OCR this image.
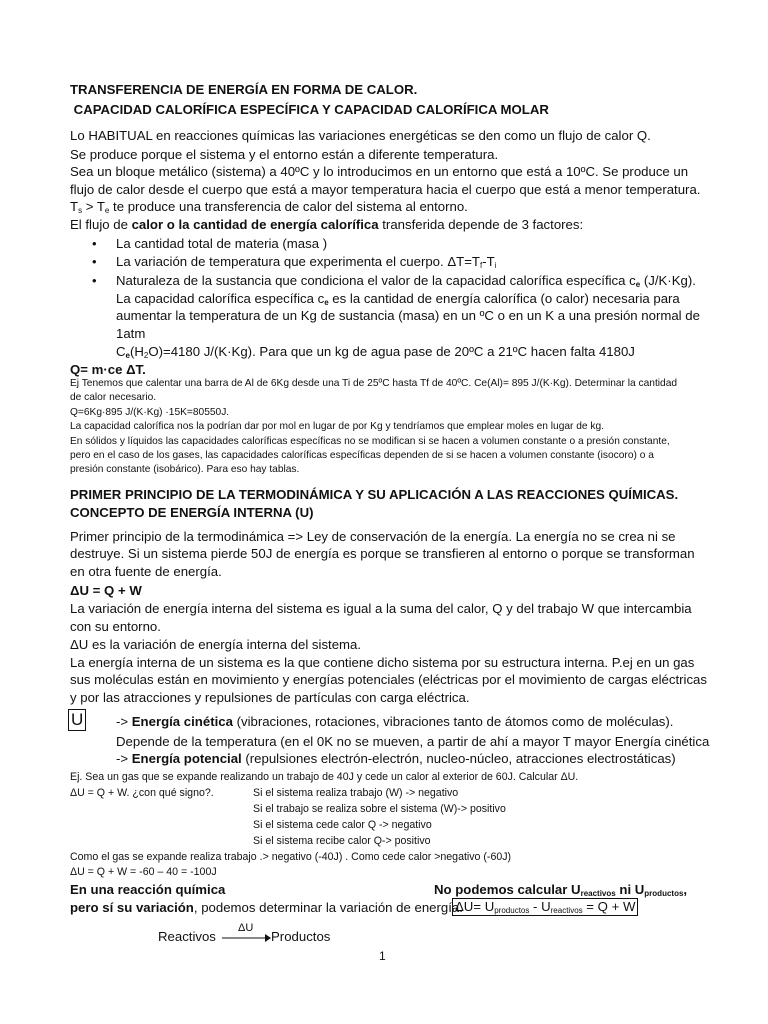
TRANSFERENCIA DE ENERGÍA EN FORMA DE CALOR.
CAPACIDAD CALORÍFICA ESPECÍFICA Y CAPACIDAD CALORÍFICA MOLAR
Lo HABITUAL en reacciones químicas las variaciones energéticas se den como un flujo de calor Q.
Se produce porque el sistema y el entorno están a diferente temperatura.
Sea un bloque metálico (sistema) a 40ºC y lo introducimos en un entorno que está a 10ºC. Se produce un
flujo de calor desde el cuerpo que está a mayor temperatura hacia el cuerpo que está a menor temperatura.
$T_s > T_e$ te produce una transferencia de calor del sistema al entorno.
El flujo de calor o la cantidad de energía calorífica transferida depende de 3 factores:
• La cantidad total de materia (masa )
• La variación de temperatura que experimenta el cuerpo. $\Delta T=T_f-T_i$
• Naturaleza de la sustancia que condiciona el valor de la capacidad calorífica específica $c_e$ (J/K·Kg).
La capacidad calorífica específica $c_e$ es la cantidad de energía calorífica (o calor) necesaria para
aumentar la temperatura de un Kg de sustancia (masa) en un ºC o en un K a una presión normal de
1atm
$C_e(H_2O)=4180$ J/(K·Kg). Para que un kg de agua pase de 20ºC a 21ºC hacen falta 4180J
Q= m·ce ΔT.
Ej Tenemos que calentar una barra de Al de 6Kg desde una Ti de 25ºC hasta Tf de 40ºC. Ce(Al)= 895 J/(K·Kg). Determinar la cantidad
de calor necesario.
Q=6Kg·895 J/(K·Kg) ·15K=80550J.
La capacidad calorífica nos la podrían dar por mol en lugar de por Kg y tendríamos que emplear moles en lugar de kg.
En sólidos y líquidos las capacidades caloríficas específicas no se modifican si se hacen a volumen constante o a presión constante,
pero en el caso de los gases, las capacidades caloríficas específicas dependen de si se hacen a volumen constante (isocoro) o a
presión constante (isobárico). Para eso hay tablas.
PRIMER PRINCIPIO DE LA TERMODINÁMICA Y SU APLICACIÓN A LAS REACCIONES QUÍMICAS.
CONCEPTO DE ENERGÍA INTERNA (U)
Primer principio de la termodinámica => Ley de conservación de la energía. La energía no se crea ni se
destruye. Si un sistema pierde 50J de energía es porque se transfieren al entorno o porque se transforman
en otra fuente de energía.
ΔU = Q + W
La variación de energía interna del sistema es igual a la suma del calor, Q y del trabajo W que intercambia
con su entorno.
ΔU es la variación de energía interna del sistema.
La energía interna de un sistema es la que contiene dicho sistema por su estructura interna. P.ej en un gas
sus moléculas están en movimiento y energías potenciales (eléctricas por el movimiento de cargas eléctricas
y por las atracciones y repulsiones de partículas con carga eléctrica.
U -> Energía cinética (vibraciones, rotaciones, vibraciones tanto de átomos como de moléculas).
Depende de la temperatura (en el 0K no se mueven, a partir de ahí a mayor T mayor Energía cinética
-> Energía potencial (repulsiones electrón-electrón, nucleo-núcleo, atracciones electrostáticas)
Ej. Sea un gas que se expande realizando un trabajo de 40J y cede un calor al exterior de 60J. Calcular ΔU.
ΔU = Q + W. ¿con qué signo?.	Si el sistema realiza trabajo (W) -> negativo
Si el trabajo se realiza sobre el sistema (W)-> positivo
Si el sistema cede calor Q -> negativo
Si el sistema recibe calor Q-> positivo
Como el gas se expande realiza trabajo .> negativo (-40J) . Como cede calor >negativo (-60J)
ΔU = Q + W = -60 – 40 = -100J
En una reacción química	No podemos calcular $U_{reactivos}$ ni $U_{productos}$,
pero sí su variación, podemos determinar la variación de energía.
$\Delta U= U_{productos} - U_{reactivos} = Q + W$
Reactivos
ΔU
→ Productos
1
